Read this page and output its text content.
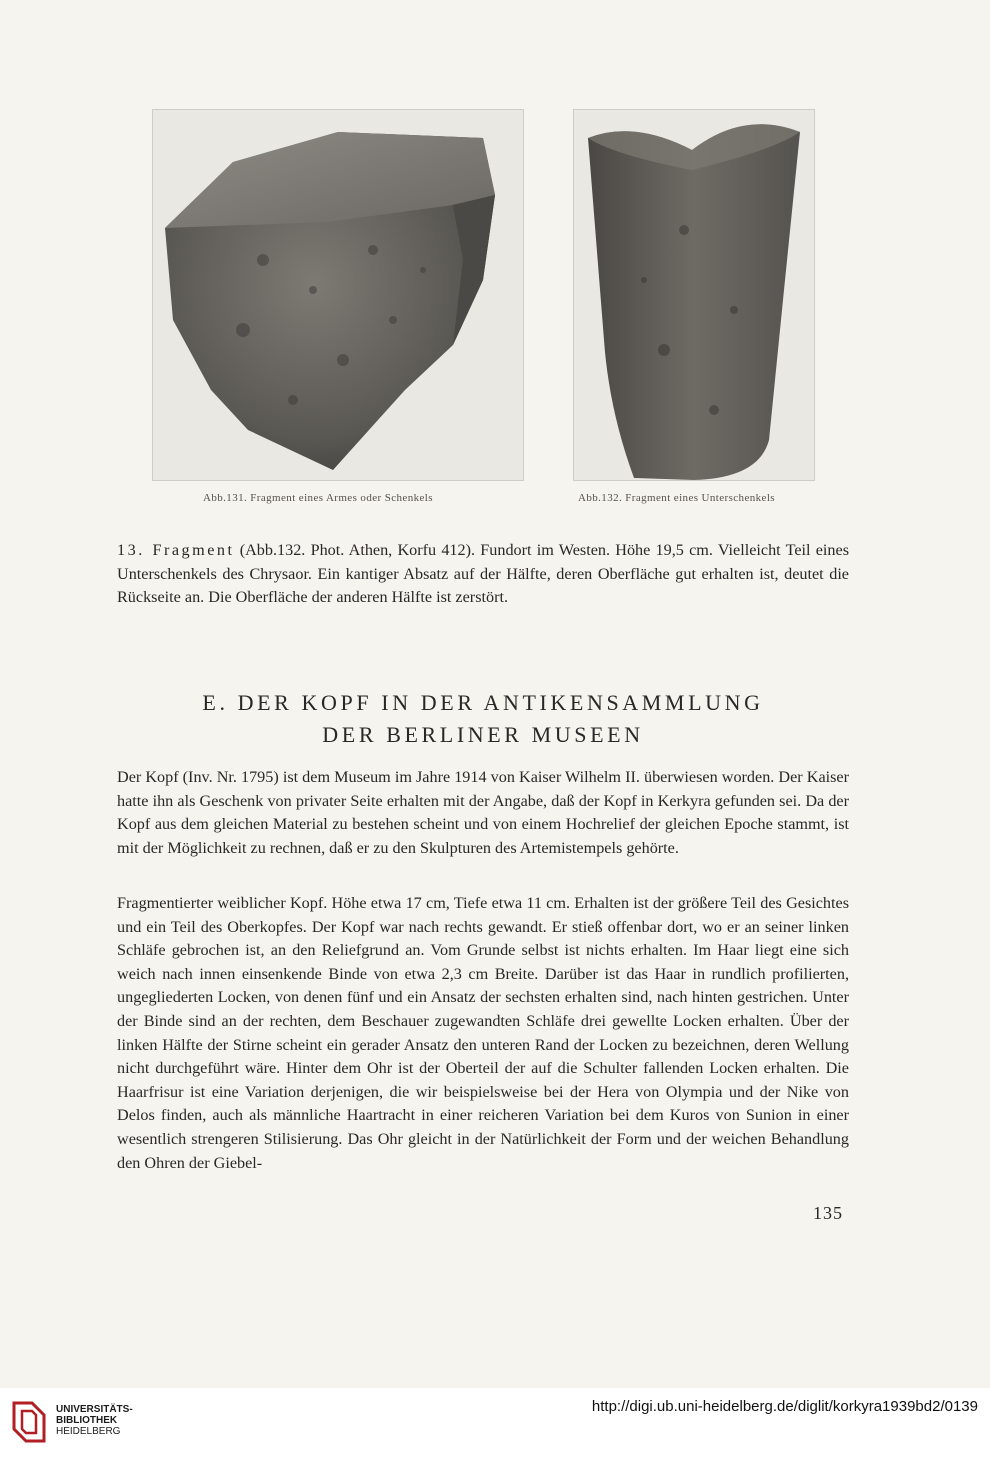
Abb.131. Fragment eines Armes oder Schenkels	Abb.132. Fragment eines Unterschenkels

13. Fragment (Abb.132. Phot. Athen, Korfu 412). Fundort im Westen. Höhe 19,5 cm. Vielleicht Teil eines Unterschenkels des Chrysaor. Ein kantiger Absatz auf der Hälfte, deren Oberfläche gut erhalten ist, deutet die Rückseite an. Die Oberfläche der anderen Hälfte ist zerstört.

E. DER KOPF IN DER ANTIKENSAMMLUNG
DER BERLINER MUSEEN

Der Kopf (Inv. Nr. 1795) ist dem Museum im Jahre 1914 von Kaiser Wilhelm II. überwiesen worden. Der Kaiser hatte ihn als Geschenk von privater Seite erhalten mit der Angabe, daß der Kopf in Kerkyra gefunden sei. Da der Kopf aus dem gleichen Material zu bestehen scheint und von einem Hochrelief der gleichen Epoche stammt, ist mit der Möglichkeit zu rechnen, daß er zu den Skulpturen des Artemistempels gehörte.

Fragmentierter weiblicher Kopf. Höhe etwa 17 cm, Tiefe etwa 11 cm. Erhalten ist der größere Teil des Gesichtes und ein Teil des Oberkopfes. Der Kopf war nach rechts gewandt. Er stieß offenbar dort, wo er an seiner linken Schläfe gebrochen ist, an den Reliefgrund an. Vom Grunde selbst ist nichts erhalten. Im Haar liegt eine sich weich nach innen einsenkende Binde von etwa 2,3 cm Breite. Darüber ist das Haar in rundlich profilierten, ungegliederten Locken, von denen fünf und ein Ansatz der sechsten erhalten sind, nach hinten gestrichen. Unter der Binde sind an der rechten, dem Beschauer zugewandten Schläfe drei gewellte Locken erhalten. Über der linken Hälfte der Stirne scheint ein gerader Ansatz den unteren Rand der Locken zu bezeichnen, deren Wellung nicht durchgeführt wäre. Hinter dem Ohr ist der Oberteil der auf die Schulter fallenden Locken erhalten. Die Haarfrisur ist eine Variation derjenigen, die wir beispielsweise bei der Hera von Olympia und der Nike von Delos finden, auch als männliche Haartracht in einer reicheren Variation bei dem Kuros von Sunion in einer wesentlich strengeren Stilisierung. Das Ohr gleicht in der Natürlichkeit der Form und der weichen Behandlung den Ohren der Giebel-

135
UNIVERSITÄTS-
BIBLIOTHEK
HEIDELBERG
http://digi.ub.uni-heidelberg.de/diglit/korkyra1939bd2/0139
